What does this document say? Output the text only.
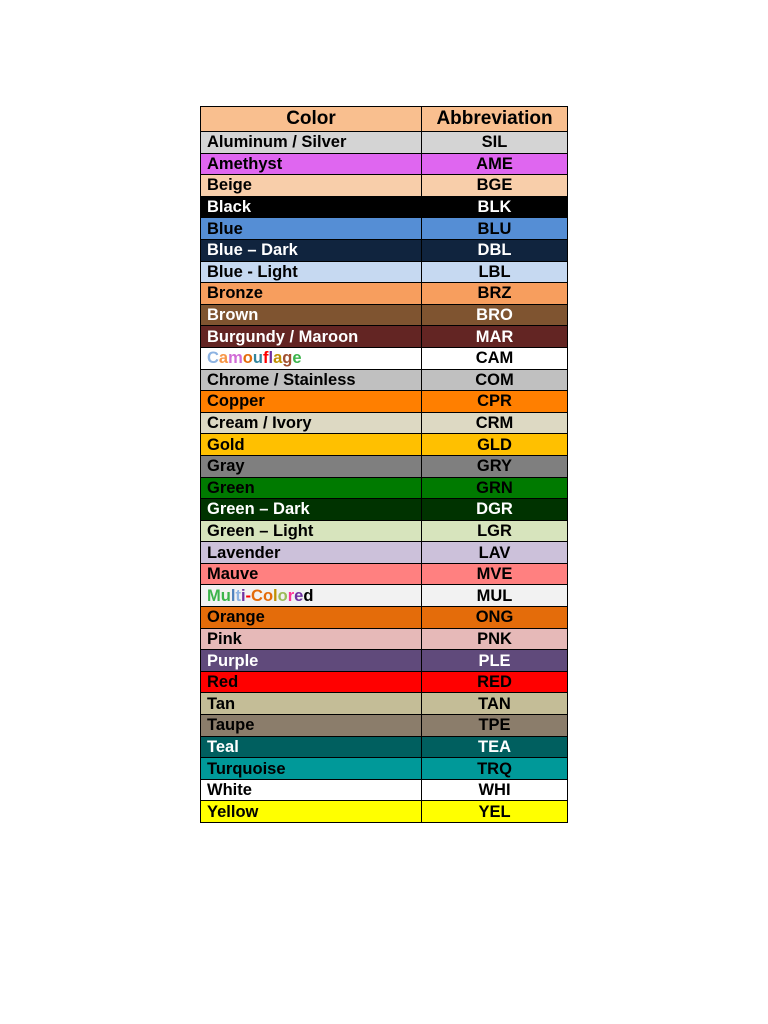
Color	Abbreviation
Aluminum / Silver	SIL
Amethyst	AME
Beige	BGE
Black	BLK
Blue	BLU
Blue – Dark	DBL
Blue - Light	LBL
Bronze	BRZ
Brown	BRO
Burgundy / Maroon	MAR
Camouflage	CAM
Chrome / Stainless	COM
Copper	CPR
Cream / Ivory	CRM
Gold	GLD
Gray	GRY
Green	GRN
Green – Dark	DGR
Green – Light	LGR
Lavender	LAV
Mauve	MVE
Multi-Colored	MUL
Orange	ONG
Pink	PNK
Purple	PLE
Red	RED
Tan	TAN
Taupe	TPE
Teal	TEA
Turquoise	TRQ
White	WHI
Yellow	YEL
